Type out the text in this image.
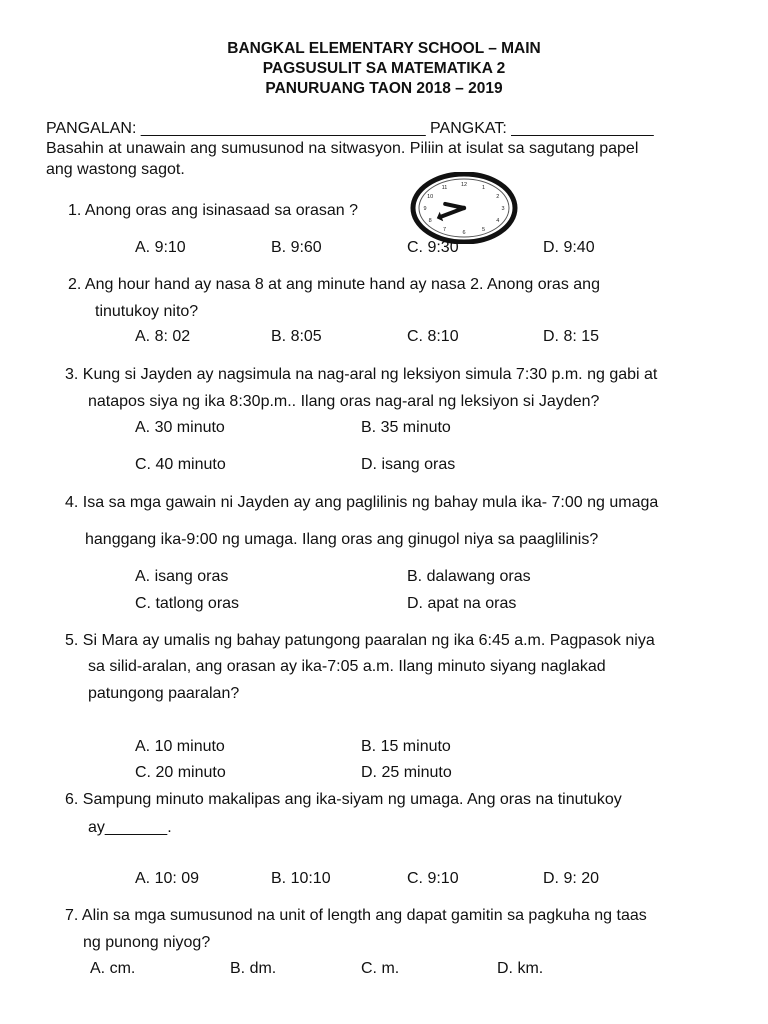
BANGKAL ELEMENTARY SCHOOL – MAIN
PAGSUSULIT SA MATEMATIKA 2
PANURUANG TAON 2018 – 2019
PANGALAN: ________________________________ PANGKAT: ________________
Basahin at unawain ang sumusunod na sitwasyon. Piliin at isulat sa sagutang papel
ang wastong sagot.
1. Anong oras ang isinasaad sa orasan ?
A. 9:10	B. 9:60	C. 9:30	D. 9:40
12
1
2
3
4
5
6
7
8
9
10
11
2. Ang hour hand ay nasa 8 at ang minute hand ay nasa 2. Anong oras ang
tinutukoy nito?
A. 8: 02	B. 8:05	C. 8:10	D. 8: 15
3. Kung si Jayden ay nagsimula na nag-aral ng leksiyon simula 7:30 p.m. ng gabi at
natapos siya ng ika 8:30p.m.. Ilang oras nag-aral ng leksiyon si Jayden?
A. 30 minuto	B. 35 minuto
C. 40 minuto	D. isang oras
4. Isa sa mga gawain ni Jayden ay ang paglilinis ng bahay mula ika- 7:00 ng umaga
hanggang ika-9:00 ng umaga. Ilang oras ang ginugol niya sa paaglilinis?
A. isang oras	B. dalawang oras
C. tatlong oras	D. apat na oras
5. Si Mara ay umalis ng bahay patungong paaralan ng ika 6:45 a.m. Pagpasok niya
sa silid-aralan, ang orasan ay ika-7:05 a.m. Ilang minuto siyang naglakad
patungong paaralan?
A. 10 minuto	B. 15 minuto
C. 20 minuto	D. 25 minuto
6. Sampung minuto makalipas ang ika-siyam ng umaga. Ang oras na tinutukoy
ay_______.
A. 10: 09	B. 10:10	C. 9:10	D. 9: 20
7. Alin sa mga sumusunod na unit of length ang dapat gamitin sa pagkuha ng taas
ng punong niyog?
A. cm.	B. dm.	C. m.	D. km.
